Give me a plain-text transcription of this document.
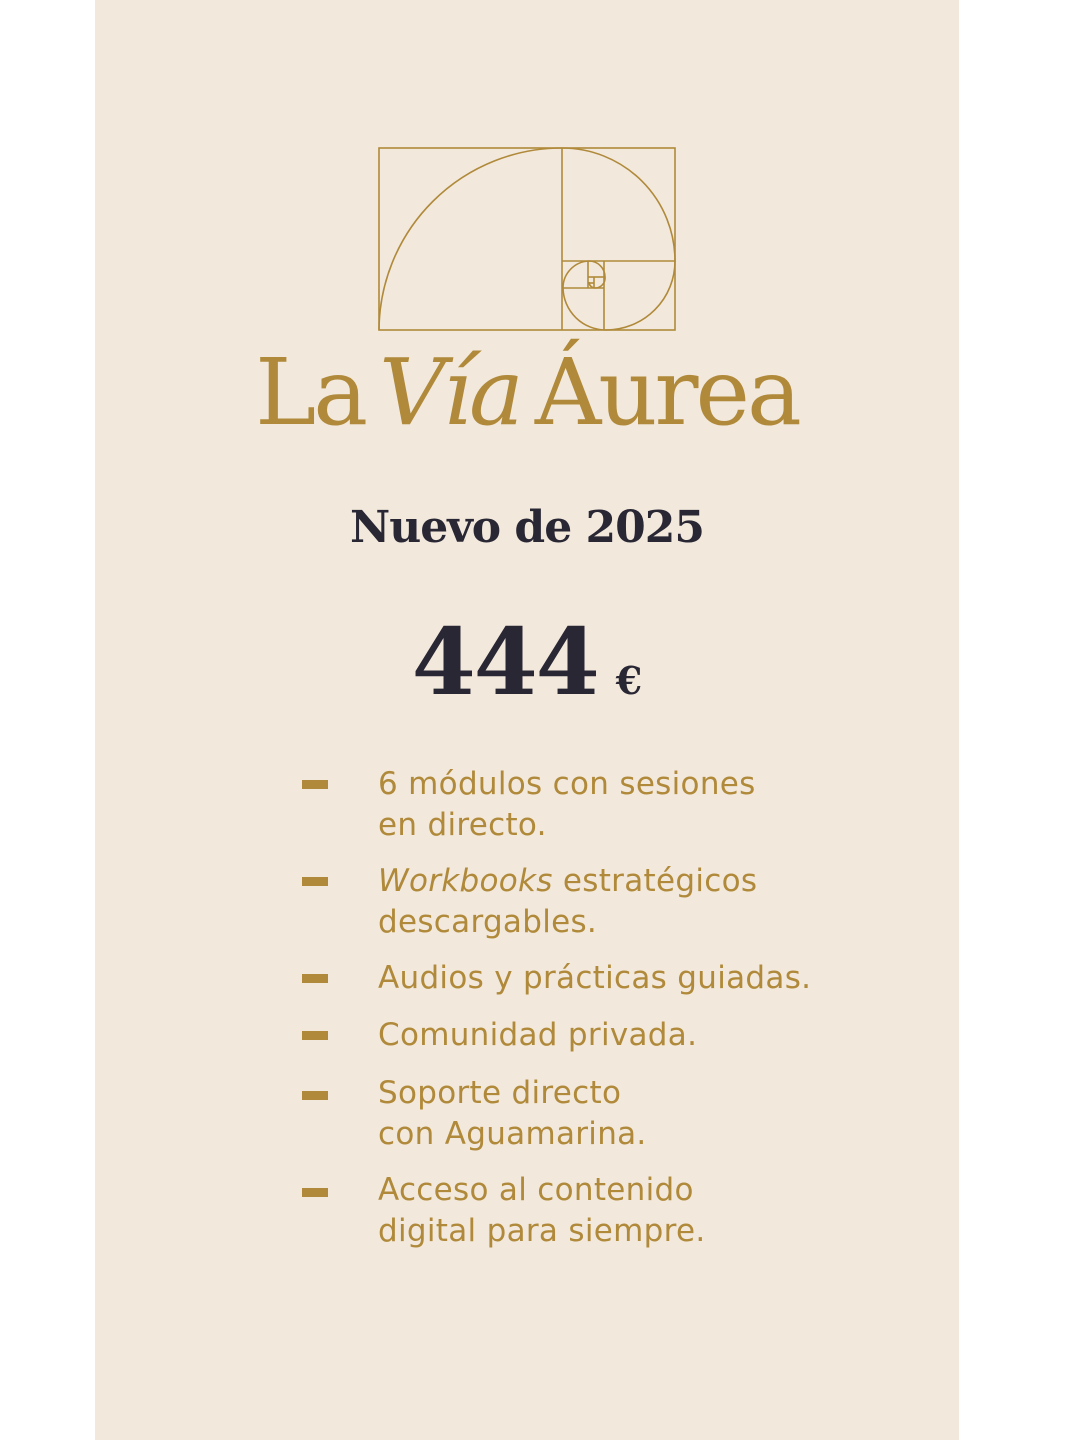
La Vía Áurea
Nuevo de 2025
444 €
6 módulos con sesiones
en directo.
Workbooks estratégicos
descargables.
Audios y prácticas guiadas.
Comunidad privada.
Soporte directo
con Aguamarina.
Acceso al contenido
digital para siempre.
